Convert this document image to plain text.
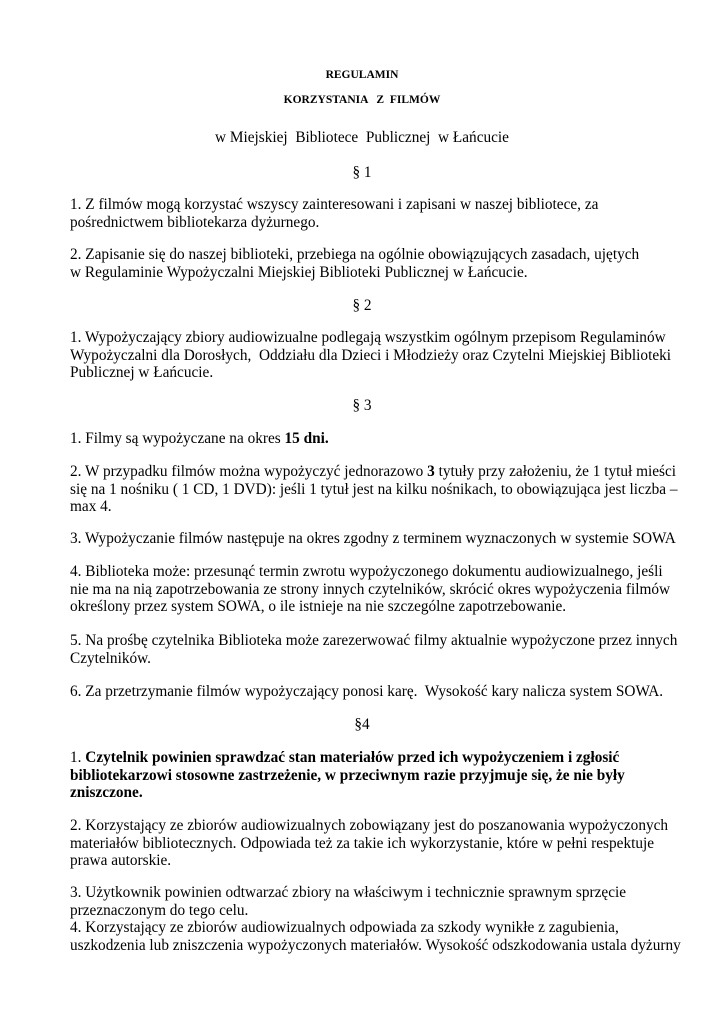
REGULAMIN
KORZYSTANIA   Z  FILMÓW
w Miejskiej  Bibliotece  Publicznej  w Łańcucie
§ 1
1. Z filmów mogą korzystać wszyscy zainteresowani i zapisani w naszej bibliotece, za
pośrednictwem bibliotekarza dyżurnego.
2. Zapisanie się do naszej biblioteki, przebiega na ogólnie obowiązujących zasadach, ujętych
w Regulaminie Wypożyczalni Miejskiej Biblioteki Publicznej w Łańcucie.
§ 2
1. Wypożyczający zbiory audiowizualne podlegają wszystkim ogólnym przepisom Regulaminów
Wypożyczalni dla Dorosłych,  Oddziału dla Dzieci i Młodzieży oraz Czytelni Miejskiej Biblioteki
Publicznej w Łańcucie.
§ 3
1. Filmy są wypożyczane na okres 15 dni.
2. W przypadku filmów można wypożyczyć jednorazowo 3 tytuły przy założeniu, że 1 tytuł mieści
się na 1 nośniku ( 1 CD, 1 DVD): jeśli 1 tytuł jest na kilku nośnikach, to obowiązująca jest liczba –
max 4.
3. Wypożyczanie filmów następuje na okres zgodny z terminem wyznaczonych w systemie SOWA
4. Biblioteka może: przesunąć termin zwrotu wypożyczonego dokumentu audiowizualnego, jeśli
nie ma na nią zapotrzebowania ze strony innych czytelników, skrócić okres wypożyczenia filmów
określony przez system SOWA, o ile istnieje na nie szczególne zapotrzebowanie.
5. Na prośbę czytelnika Biblioteka może zarezerwować filmy aktualnie wypożyczone przez innych
Czytelników.
6. Za przetrzymanie filmów wypożyczający ponosi karę.  Wysokość kary nalicza system SOWA.
§4
1. Czytelnik powinien sprawdzać stan materiałów przed ich wypożyczeniem i zgłosić
bibliotekarzowi stosowne zastrzeżenie, w przeciwnym razie przyjmuje się, że nie były
zniszczone.
2. Korzystający ze zbiorów audiowizualnych zobowiązany jest do poszanowania wypożyczonych
materiałów bibliotecznych. Odpowiada też za takie ich wykorzystanie, które w pełni respektuje
prawa autorskie.
3. Użytkownik powinien odtwarzać zbiory na właściwym i technicznie sprawnym sprzęcie
przeznaczonym do tego celu.
4. Korzystający ze zbiorów audiowizualnych odpowiada za szkody wynikłe z zagubienia,
uszkodzenia lub zniszczenia wypożyczonych materiałów. Wysokość odszkodowania ustala dyżurny
